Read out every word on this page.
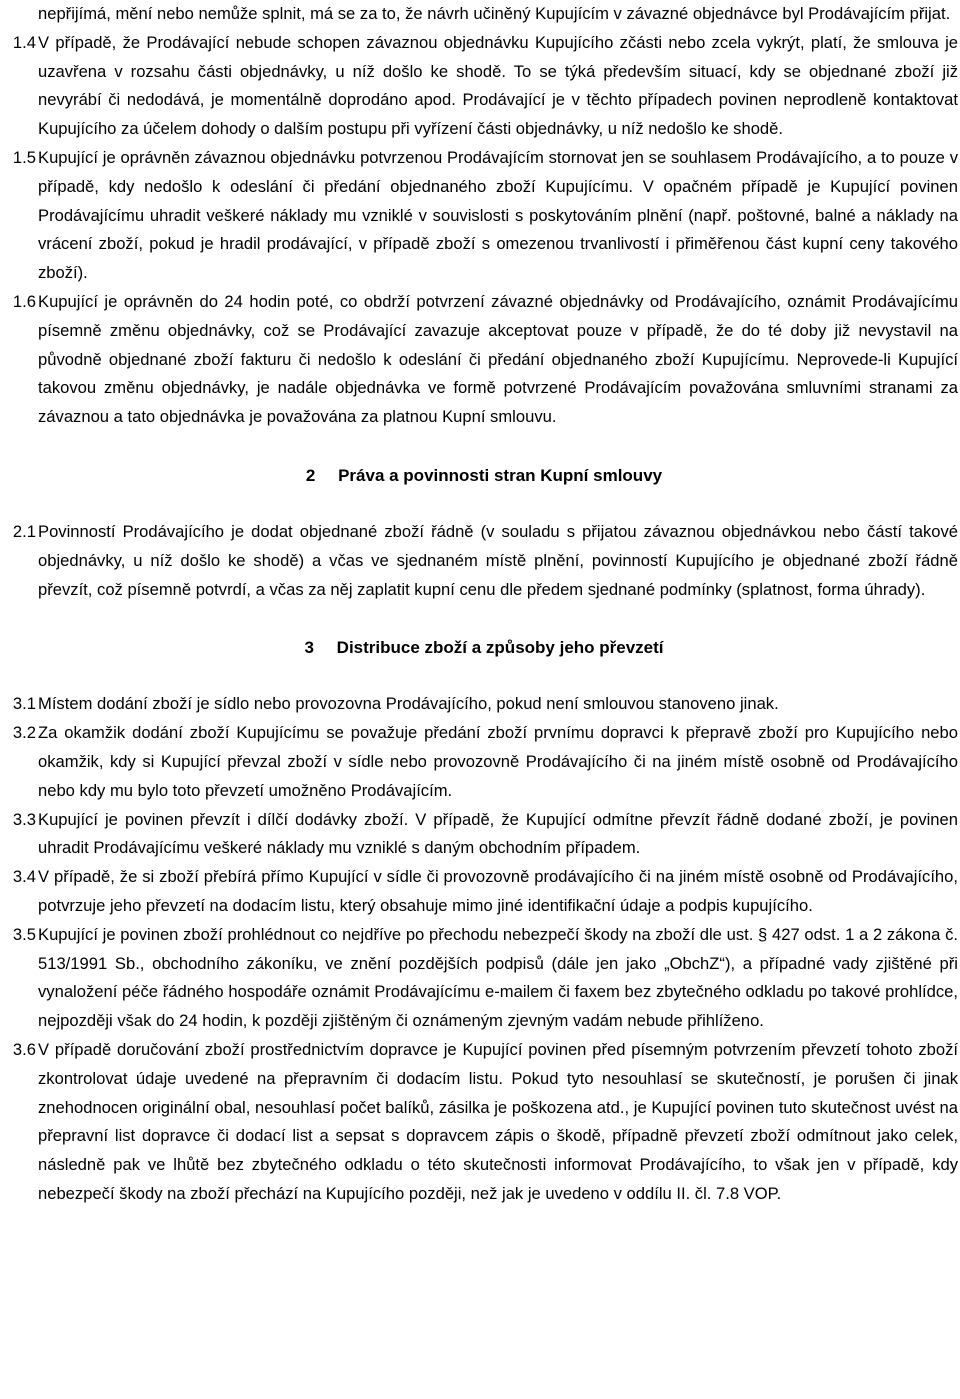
nepřijímá, mění nebo nemůže splnit, má se za to, že návrh učiněný Kupujícím v závazné objednávce byl Prodávajícím přijat.
1.4 V případě, že Prodávající nebude schopen závaznou objednávku Kupujícího zčásti nebo zcela vykrýt, platí, že smlouva je uzavřena v rozsahu části objednávky, u níž došlo ke shodě. To se týká především situací, kdy se objednané zboží již nevyrábí či nedodává, je momentálně doprodáno apod. Prodávající je v těchto případech povinen neprodleně kontaktovat Kupujícího za účelem dohody o dalším postupu při vyřízení části objednávky, u níž nedošlo ke shodě.
1.5 Kupující je oprávněn závaznou objednávku potvrzenou Prodávajícím stornovat jen se souhlasem Prodávajícího, a to pouze v případě, kdy nedošlo k odeslání či předání objednaného zboží Kupujícímu. V opačném případě je Kupující povinen Prodávajícímu uhradit veškeré náklady mu vzniklé v souvislosti s poskytováním plnění (např. poštovné, balné a náklady na vrácení zboží, pokud je hradil prodávající, v případě zboží s omezenou trvanlivostí i přiměřenou část kupní ceny takového zboží).
1.6 Kupující je oprávněn do 24 hodin poté, co obdrží potvrzení závazné objednávky od Prodávajícího, oznámit Prodávajícímu písemně změnu objednávky, což se Prodávající zavazuje akceptovat pouze v případě, že do té doby již nevystavil na původně objednané zboží fakturu či nedošlo k odeslání či předání objednaného zboží Kupujícímu. Neprovede-li Kupující takovou změnu objednávky, je nadále objednávka ve formě potvrzené Prodávajícím považována smluvními stranami za závaznou a tato objednávka je považována za platnou Kupní smlouvu.
2 Práva a povinnosti stran Kupní smlouvy
2.1 Povinností Prodávajícího je dodat objednané zboží řádně (v souladu s přijatou závaznou objednávkou nebo částí takové objednávky, u níž došlo ke shodě) a včas ve sjednaném místě plnění, povinností Kupujícího je objednané zboží řádně převzít, což písemně potvrdí, a včas za něj zaplatit kupní cenu dle předem sjednané podmínky (splatnost, forma úhrady).
3 Distribuce zboží a způsoby jeho převzetí
3.1 Místem dodání zboží je sídlo nebo provozovna Prodávajícího, pokud není smlouvou stanoveno jinak.
3.2 Za okamžik dodání zboží Kupujícímu se považuje předání zboží prvnímu dopravci k přepravě zboží pro Kupujícího nebo okamžik, kdy si Kupující převzal zboží v sídle nebo provozovně Prodávajícího či na jiném místě osobně od Prodávajícího nebo kdy mu bylo toto převzetí umožněno Prodávajícím.
3.3 Kupující je povinen převzít i dílčí dodávky zboží. V případě, že Kupující odmítne převzít řádně dodané zboží, je povinen uhradit Prodávajícímu veškeré náklady mu vzniklé s daným obchodním případem.
3.4 V případě, že si zboží přebírá přímo Kupující v sídle či provozovně prodávajícího či na jiném místě osobně od Prodávajícího, potvrzuje jeho převzetí na dodacím listu, který obsahuje mimo jiné identifikační údaje a podpis kupujícího.
3.5 Kupující je povinen zboží prohlédnout co nejdříve po přechodu nebezpečí škody na zboží dle ust. § 427 odst. 1 a 2 zákona č. 513/1991 Sb., obchodního zákoníku, ve znění pozdějších podpisů (dále jen jako „ObchZ“), a případné vady zjištěné při vynaložení péče řádného hospodáře oznámit Prodávajícímu e-mailem či faxem bez zbytečného odkladu po takové prohlídce, nejpozději však do 24 hodin, k později zjištěným či oznámeným zjevným vadám nebude přihlíženo.
3.6 V případě doručování zboží prostřednictvím dopravce je Kupující povinen před písemným potvrzením převzetí tohoto zboží zkontrolovat údaje uvedené na přepravním či dodacím listu. Pokud tyto nesouhlasí se skutečností, je porušen či jinak znehodnocen originální obal, nesouhlasí počet balíků, zásilka je poškozena atd., je Kupující povinen tuto skutečnost uvést na přepravní list dopravce či dodací list a sepsat s dopravcem zápis o škodě, případně převzetí zboží odmítnout jako celek, následně pak ve lhůtě bez zbytečného odkladu o této skutečnosti informovat Prodávajícího, to však jen v případě, kdy nebezpečí škody na zboží přechází na Kupujícího později, než jak je uvedeno v oddílu II. čl. 7.8 VOP.
